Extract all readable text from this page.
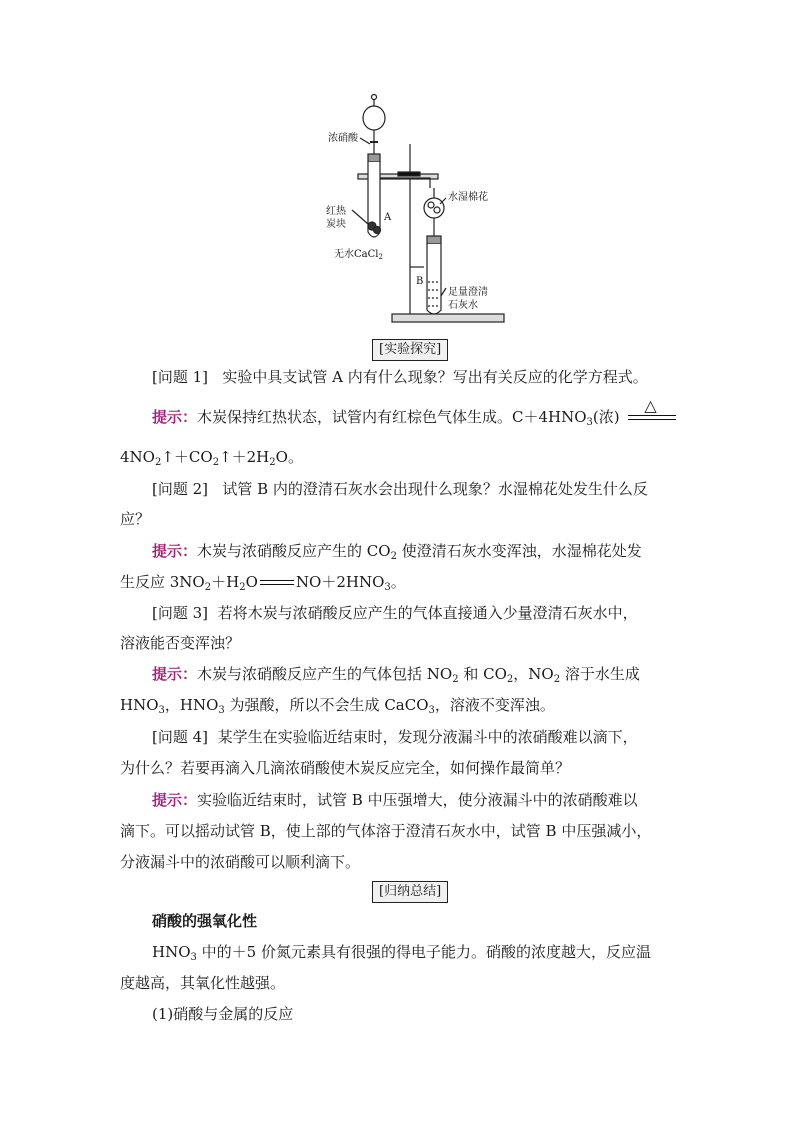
浓硝酸
红热
炭块
A
无水CaCl$_2$
水湿棉花
B
足量澄清
石灰水
[实验探究]
[问题 1] 实验中具支试管 A 内有什么现象？写出有关反应的化学方程式。
提示：木炭保持红热状态，试管内有红棕色气体生成。$C+4HNO_3$(浓)
△
$4NO_2↑+CO_2↑+2H_2O$。
[问题 2] 试管 B 内的澄清石灰水会出现什么现象？水湿棉花处发生什么反
应？
提示：木炭与浓硝酸反应产生的 $CO_2$ 使澄清石灰水变浑浊，水湿棉花处发
生反应 $3NO_2+H_2O$	$NO+2HNO_3$。
[问题 3] 若将木炭与浓硝酸反应产生的气体直接通入少量澄清石灰水中，
溶液能否变浑浊？
提示：木炭与浓硝酸反应产生的气体包括 $NO_2$ 和 $CO_2$，$NO_2$ 溶于水生成
$HNO_3$，$HNO_3$ 为强酸，所以不会生成 CaCO$_3$，溶液不变浑浊。
[问题 4] 某学生在实验临近结束时，发现分液漏斗中的浓硝酸难以滴下，
为什么？若要再滴入几滴浓硝酸使木炭反应完全，如何操作最简单？
提示：实验临近结束时，试管 B 中压强增大，使分液漏斗中的浓硝酸难以
滴下。可以摇动试管 B，使上部的气体溶于澄清石灰水中，试管 B 中压强减小，
分液漏斗中的浓硝酸可以顺利滴下。
[归纳总结]
硝酸的强氧化性
$HNO_3$ 中的＋5 价氮元素具有很强的得电子能力。硝酸的浓度越大，反应温
度越高，其氧化性越强。
(1)硝酸与金属的反应
